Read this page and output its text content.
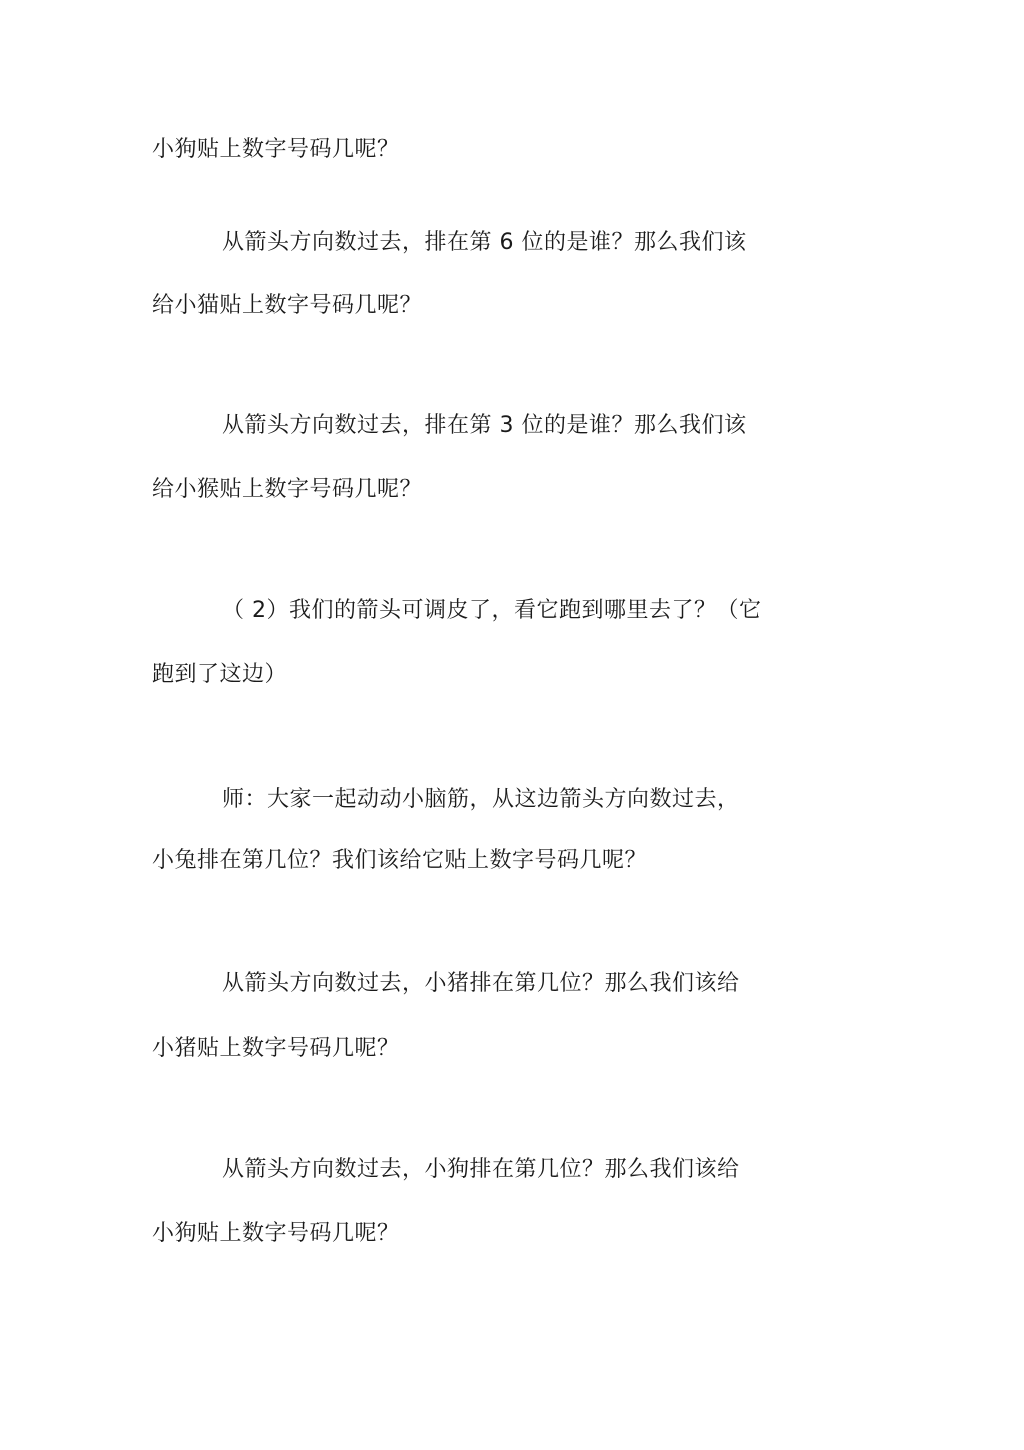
小狗贴上数字号码几呢？
从箭头方向数过去，排在第 6 位的是谁？那么我们该
给小猫贴上数字号码几呢？
从箭头方向数过去，排在第 3 位的是谁？那么我们该
给小猴贴上数字号码几呢？
（ 2）我们的箭头可调皮了，看它跑到哪里去了？（它
跑到了这边）
师：大家一起动动小脑筋，从这边箭头方向数过去，
小兔排在第几位？我们该给它贴上数字号码几呢？
从箭头方向数过去，小猪排在第几位？那么我们该给
小猪贴上数字号码几呢？
从箭头方向数过去，小狗排在第几位？那么我们该给
小狗贴上数字号码几呢？
